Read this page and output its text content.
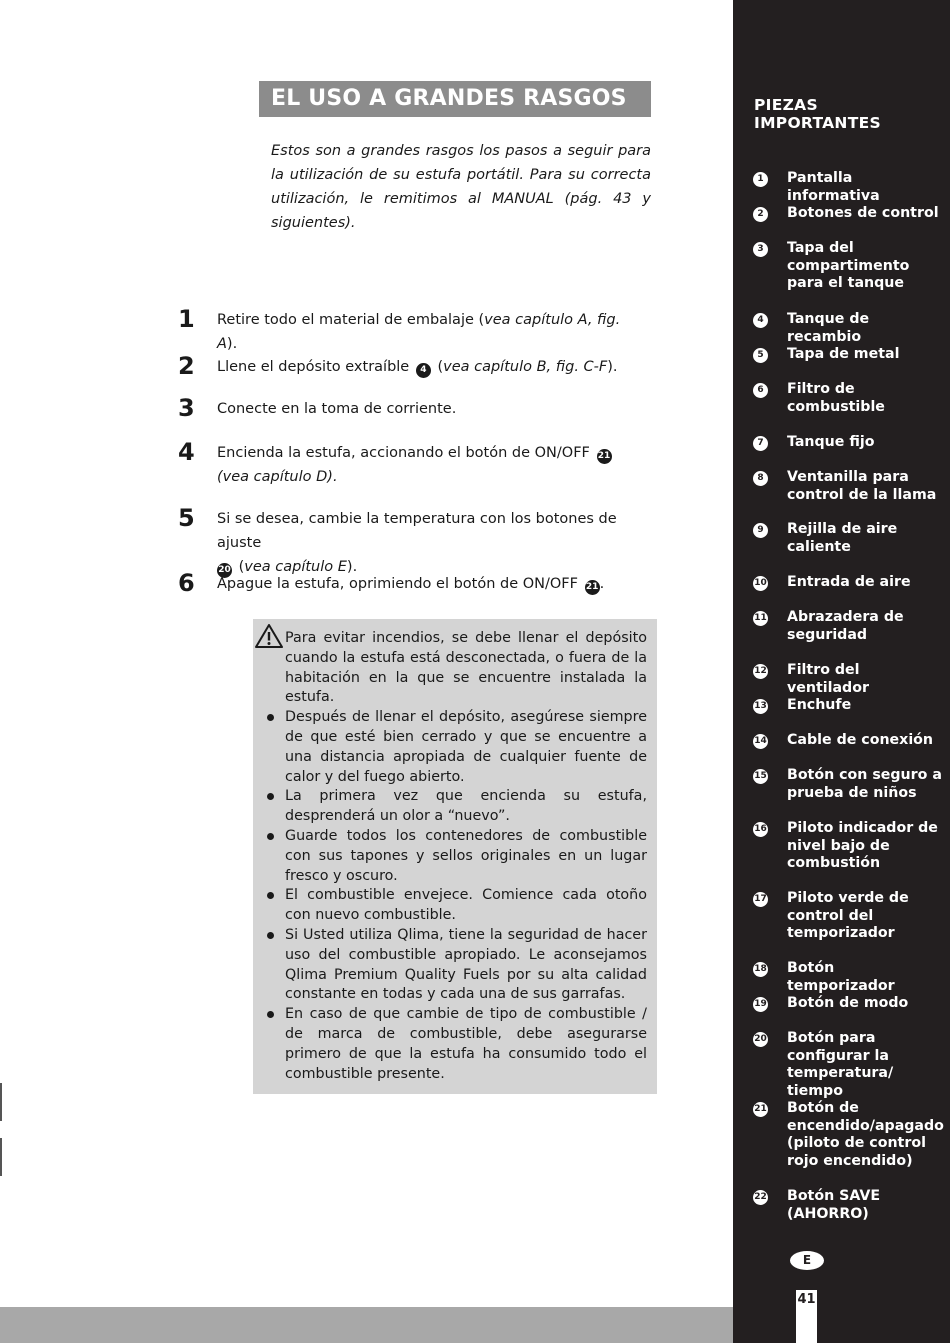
EL USO A GRANDES RASGOS
Estos son a grandes rasgos los pasos a seguir para la utilización de su estufa portátil. Para su correcta utilización, le remitimos al MANUAL (pág. 43 y siguientes).
1	Retire todo el material de embalaje (vea capítulo A, fig. A).
2	Llene el depósito extraíble 4 (vea capítulo B, fig. C-F).
3	Conecte en la toma de corriente.
4	Encienda la estufa, accionando el botón de ON/OFF 21
(vea capítulo D).
5	Si se desea, cambie la temperatura con los botones de ajuste
20 (vea capítulo E).
6	Apague la estufa, oprimiendo el botón de ON/OFF 21.

Para evitar incendios, se debe llenar el depósito cuando la estufa está desconectada, o fuera de la habitación en la que se encuentre instalada la estufa.

Después de llenar el depósito, asegúrese siempre de que esté bien cerrado y que se encuentre a una distancia apropiada de cualquier fuente de calor y del fuego abierto.

La primera vez que encienda su estufa, desprenderá un olor a “nuevo”.

Guarde todos los contenedores de combustible con sus tapones y sellos originales en un lugar fresco y oscuro.

El combustible envejece. Comience cada otoño con nuevo combustible.

Si Usted utiliza Qlima, tiene la seguridad de hacer uso del combustible apropiado. Le aconsejamos Qlima Premium Quality Fuels por su alta calidad constante en todas y cada una de sus garrafas.

En caso de que cambie de tipo de combustible / de marca de combustible, debe asegurarse primero de que la estufa ha consumido todo el combustible presente.

PIEZAS IMPORTANTES
1	Pantalla informativa
2	Botones de control
3	Tapa del compartimento para el tanque
4	Tanque de recambio
5	Tapa de metal
6	Filtro de combustible
7	Tanque fijo
8	Ventanilla para control de la llama
9	Rejilla de aire caliente
10 Entrada de aire
11 Abrazadera de seguridad
12 Filtro del ventilador
13 Enchufe
14 Cable de conexión
15 Botón con seguro a prueba de niños
16 Piloto indicador de nivel bajo de combustión
17 Piloto verde de control del temporizador
18 Botón temporizador
19 Botón de modo
20 Botón para configurar la temperatura/ tiempo
21 Botón de encendido/apagado (piloto de control rojo encendido)
22 Botón SAVE (AHORRO)
E
41
